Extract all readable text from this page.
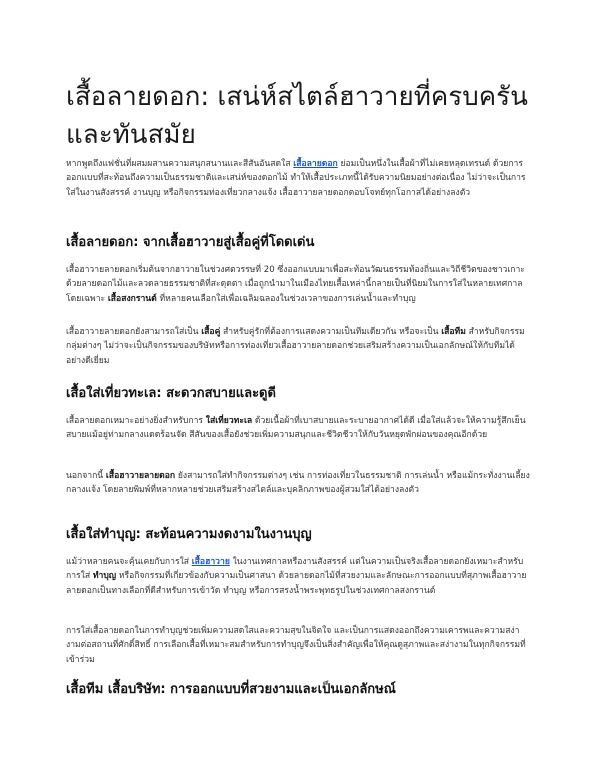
เสื้อลายดอก: เสน่ห์สไตล์ฮาวายที่ครบครันและทันสมัย

หากพูดถึงแฟชั่นที่ผสมผสานความสนุกสนานและสีสันอันสดใส เสื้อลายดอก ย่อมเป็นหนึ่งในเสื้อผ้าที่ไม่เคยหลุดเทรนด์ ด้วยการออกแบบที่สะท้อนถึงความเป็นธรรมชาติและเสน่ห์ของดอกไม้ ทำให้เสื้อประเภทนี้ได้รับความนิยมอย่างต่อเนื่อง ไม่ว่าจะเป็นการใส่ในงานสังสรรค์ งานบุญ หรือกิจกรรมท่องเที่ยวกลางแจ้ง เสื้อฮาวายลายดอกตอบโจทย์ทุกโอกาสได้อย่างลงตัว

เสื้อลายดอก: จากเสื้อฮาวายสู่เสื้อคู่ที่โดดเด่น

เสื้อฮาวายลายดอกเริ่มต้นจากฮาวายในช่วงศตวรรษที่ 20 ซึ่งออกแบบมาเพื่อสะท้อนวัฒนธรรมท้องถิ่นและวิถีชีวิตของชาวเกาะ ด้วยลายดอกไม้และลวดลายธรรมชาติที่สะดุดตา เมื่อถูกนำมาในเมืองไทยเสื้อเหล่านี้กลายเป็นที่นิยมในการใส่ในหลายเทศกาล โดยเฉพาะ เสื้อสงกรานต์ ที่หลายคนเลือกใส่เพื่อเฉลิมฉลองในช่วงเวลาของการเล่นน้ำและทำบุญ

เสื้อฮาวายลายดอกยังสามารถใส่เป็น เสื้อคู่ สำหรับคู่รักที่ต้องการแสดงความเป็นทีมเดียวกัน หรือจะเป็น เสื้อทีม สำหรับกิจกรรมกลุ่มต่างๆ ไม่ว่าจะเป็นกิจกรรมของบริษัทหรือการท่องเที่ยวเสื้อฮาวายลายดอกช่วยเสริมสร้างความเป็นเอกลักษณ์ให้กับทีมได้อย่างดีเยี่ยม

เสื้อใส่เที่ยวทะเล: สะดวกสบายและดูดี

เสื้อลายดอกเหมาะอย่างยิ่งสำหรับการ ใส่เที่ยวทะเล ด้วยเนื้อผ้าที่เบาสบายและระบายอากาศได้ดี เมื่อใส่แล้วจะให้ความรู้สึกเย็นสบายแม้อยู่ท่ามกลางแดดร้อนจัด สีสันของเสื้อยังช่วยเพิ่มความสนุกและชีวิตชีวาให้กับวันหยุดพักผ่อนของคุณอีกด้วย

นอกจากนี้ เสื้อฮาวายลายดอก ยังสามารถใส่ทำกิจกรรมต่างๆ เช่น การท่องเที่ยวในธรรมชาติ การเล่นน้ำ หรือแม้กระทั่งงานเลี้ยงกลางแจ้ง โดยลายพิมพ์ที่หลากหลายช่วยเสริมสร้างสไตล์และบุคลิกภาพของผู้สวมใส่ได้อย่างลงตัว

เสื้อใส่ทำบุญ: สะท้อนความงดงามในงานบุญ

แม้ว่าหลายคนจะคุ้นเคยกับการใส่ เสื้อฮาวาย ในงานเทศกาลหรืองานสังสรรค์ แต่ในความเป็นจริงเสื้อลายดอกยังเหมาะสำหรับการใส่ ทำบุญ หรือกิจกรรมที่เกี่ยวข้องกับความเป็นศาสนา ด้วยลายดอกไม้ที่สวยงามและลักษณะการออกแบบที่สุภาพเสื้อฮาวายลายดอกเป็นทางเลือกที่ดีสำหรับการเข้าวัด ทำบุญ หรือการสรงน้ำพระพุทธรูปในช่วงเทศกาลสงกรานต์

การใส่เสื้อลายดอกในการทำบุญช่วยเพิ่มความสดใสและความสุขในจิตใจ และเป็นการแสดงออกถึงความเคารพและความสง่างามต่อสถานที่ศักดิ์สิทธิ์ การเลือกเสื้อที่เหมาะสมสำหรับการทำบุญจึงเป็นสิ่งสำคัญเพื่อให้คุณดูสุภาพและสง่างามในทุกกิจกรรมที่เข้าร่วม

เสื้อทีม เสื้อบริษัท: การออกแบบที่สวยงามและเป็นเอกลักษณ์
